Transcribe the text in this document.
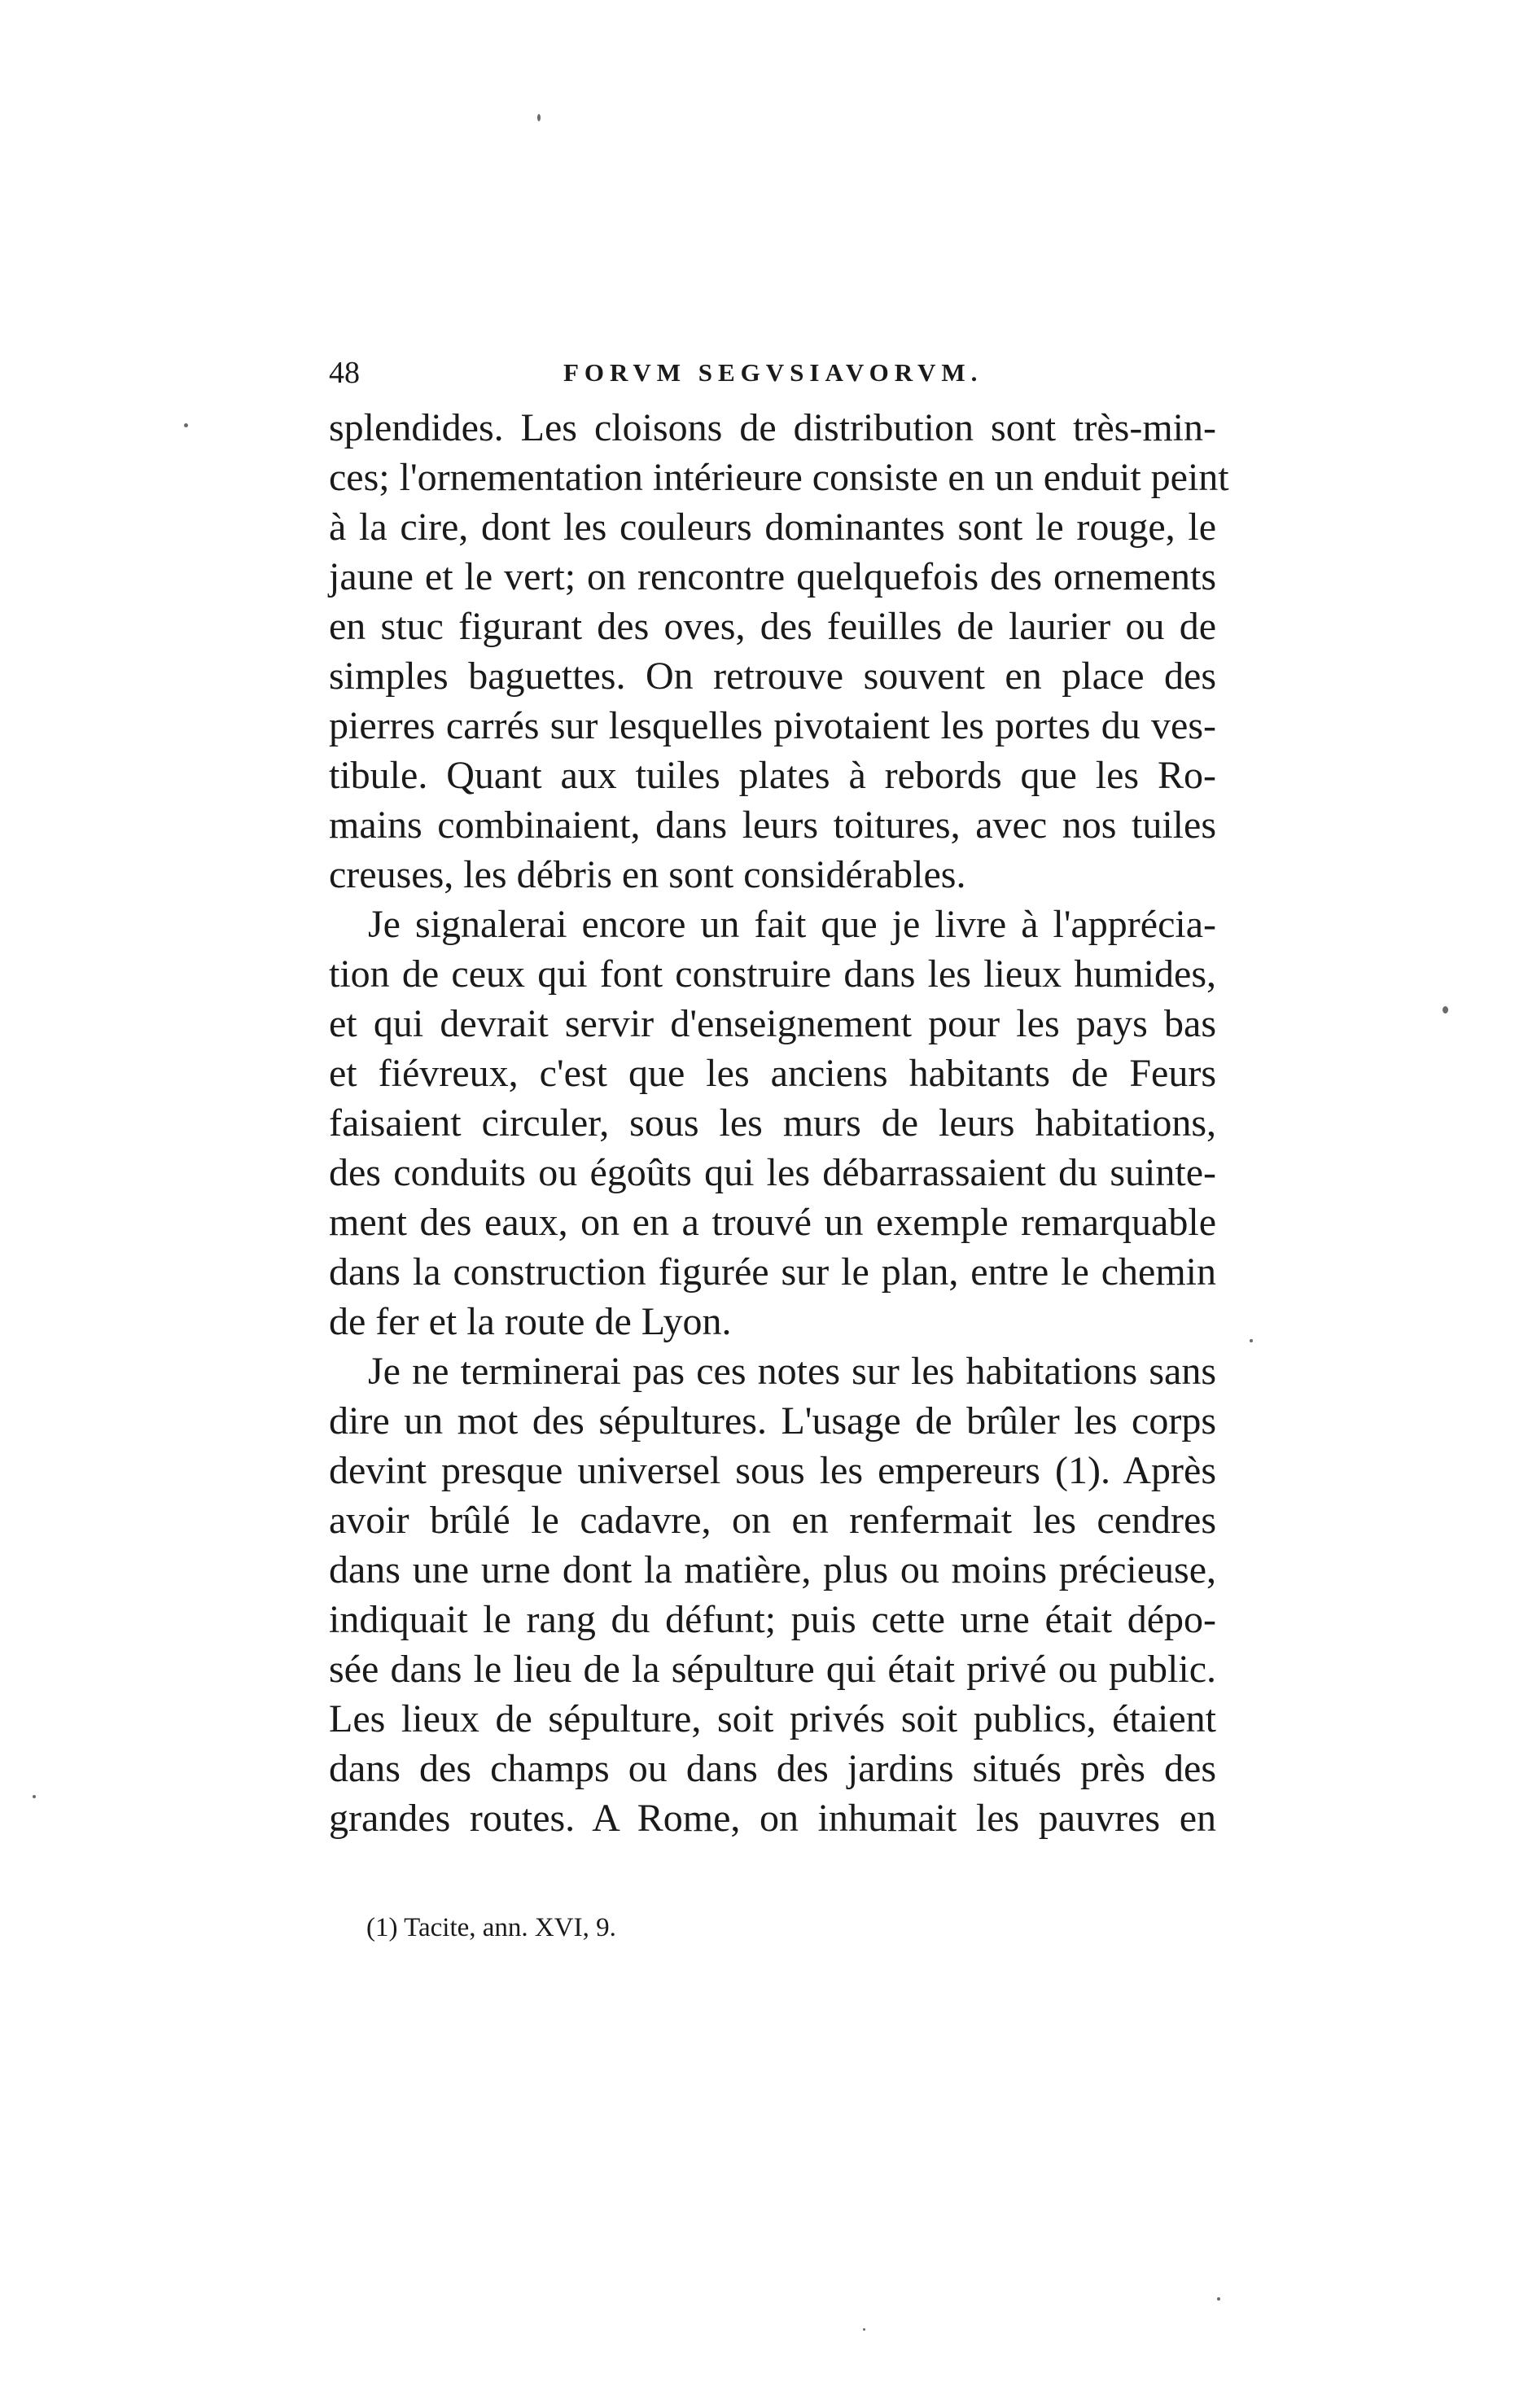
48	FORVM SEGVSIAVORVM.
splendides. Les cloisons de distribution sont très-min-
ces; l'ornementation intérieure consiste en un enduit peint
à la cire, dont les couleurs dominantes sont le rouge, le
jaune et le vert; on rencontre quelquefois des ornements
en stuc figurant des oves, des feuilles de laurier ou de
simples baguettes. On retrouve souvent en place des
pierres carrés sur lesquelles pivotaient les portes du ves-
tibule. Quant aux tuiles plates à rebords que les Ro-
mains combinaient, dans leurs toitures, avec nos tuiles
creuses, les débris en sont considérables.
Je signalerai encore un fait que je livre à l'apprécia-
tion de ceux qui font construire dans les lieux humides,
et qui devrait servir d'enseignement pour les pays bas
et fiévreux, c'est que les anciens habitants de Feurs
faisaient circuler, sous les murs de leurs habitations,
des conduits ou égoûts qui les débarrassaient du suinte-
ment des eaux, on en a trouvé un exemple remarquable
dans la construction figurée sur le plan, entre le chemin
de fer et la route de Lyon.
Je ne terminerai pas ces notes sur les habitations sans
dire un mot des sépultures. L'usage de brûler les corps
devint presque universel sous les empereurs (1). Après
avoir brûlé le cadavre, on en renfermait les cendres
dans une urne dont la matière, plus ou moins précieuse,
indiquait le rang du défunt; puis cette urne était dépo-
sée dans le lieu de la sépulture qui était privé ou public.
Les lieux de sépulture, soit privés soit publics, étaient
dans des champs ou dans des jardins situés près des
grandes routes. A Rome, on inhumait les pauvres en
(1) Tacite, ann. XVI, 9.
